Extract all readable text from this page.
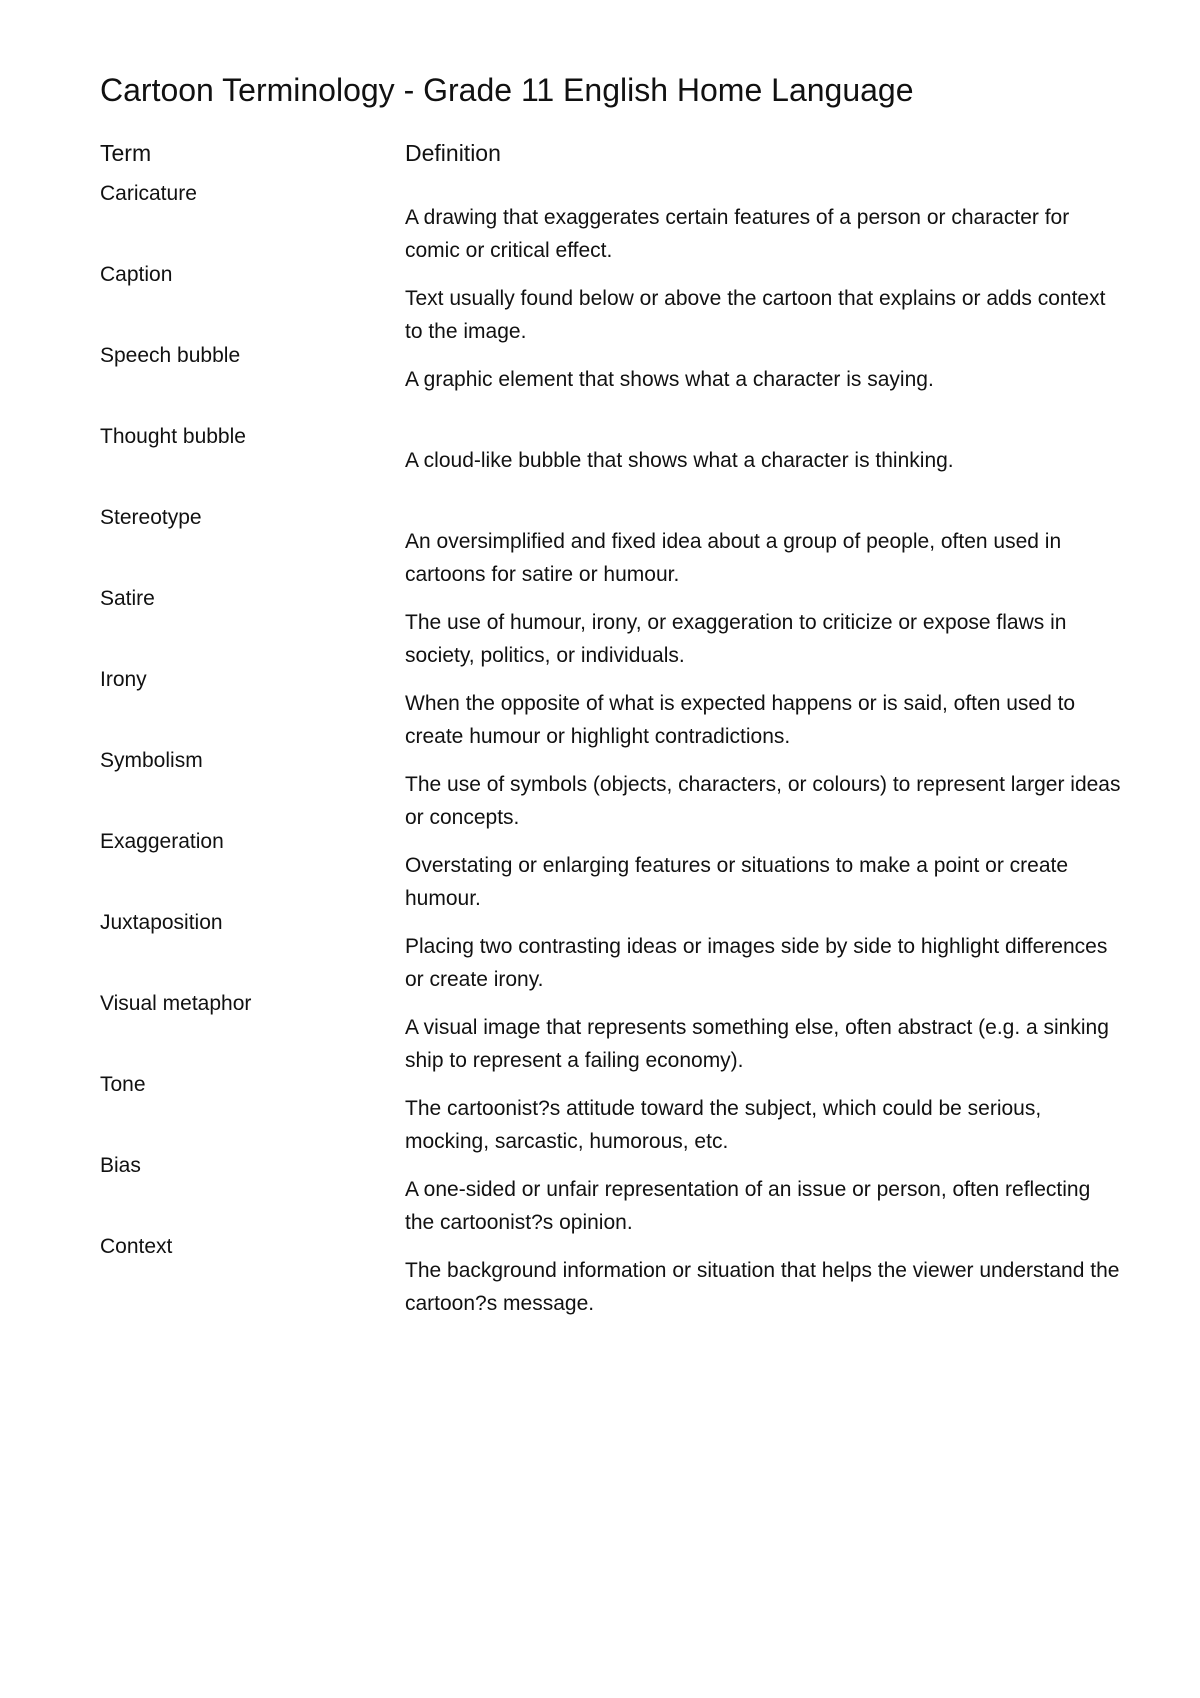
Cartoon Terminology - Grade 11 English Home Language
Term	Definition
Caricature
A drawing that exaggerates certain features of a person or character for comic or critical effect.
Caption
Text usually found below or above the cartoon that explains or adds context to the image.
Speech bubble
A graphic element that shows what a character is saying.
Thought bubble
A cloud-like bubble that shows what a character is thinking.
Stereotype
An oversimplified and fixed idea about a group of people, often used in cartoons for satire or humour.
Satire
The use of humour, irony, or exaggeration to criticize or expose flaws in society, politics, or individuals.
Irony
When the opposite of what is expected happens or is said, often used to create humour or highlight contradictions.
Symbolism
The use of symbols (objects, characters, or colours) to represent larger ideas or concepts.
Exaggeration
Overstating or enlarging features or situations to make a point or create humour.
Juxtaposition
Placing two contrasting ideas or images side by side to highlight differences or create irony.
Visual metaphor
A visual image that represents something else, often abstract (e.g. a sinking ship to represent a failing economy).
Tone
The cartoonist?s attitude toward the subject, which could be serious, mocking, sarcastic, humorous, etc.
Bias
A one-sided or unfair representation of an issue or person, often reflecting the cartoonist?s opinion.
Context
The background information or situation that helps the viewer understand the cartoon?s message.
